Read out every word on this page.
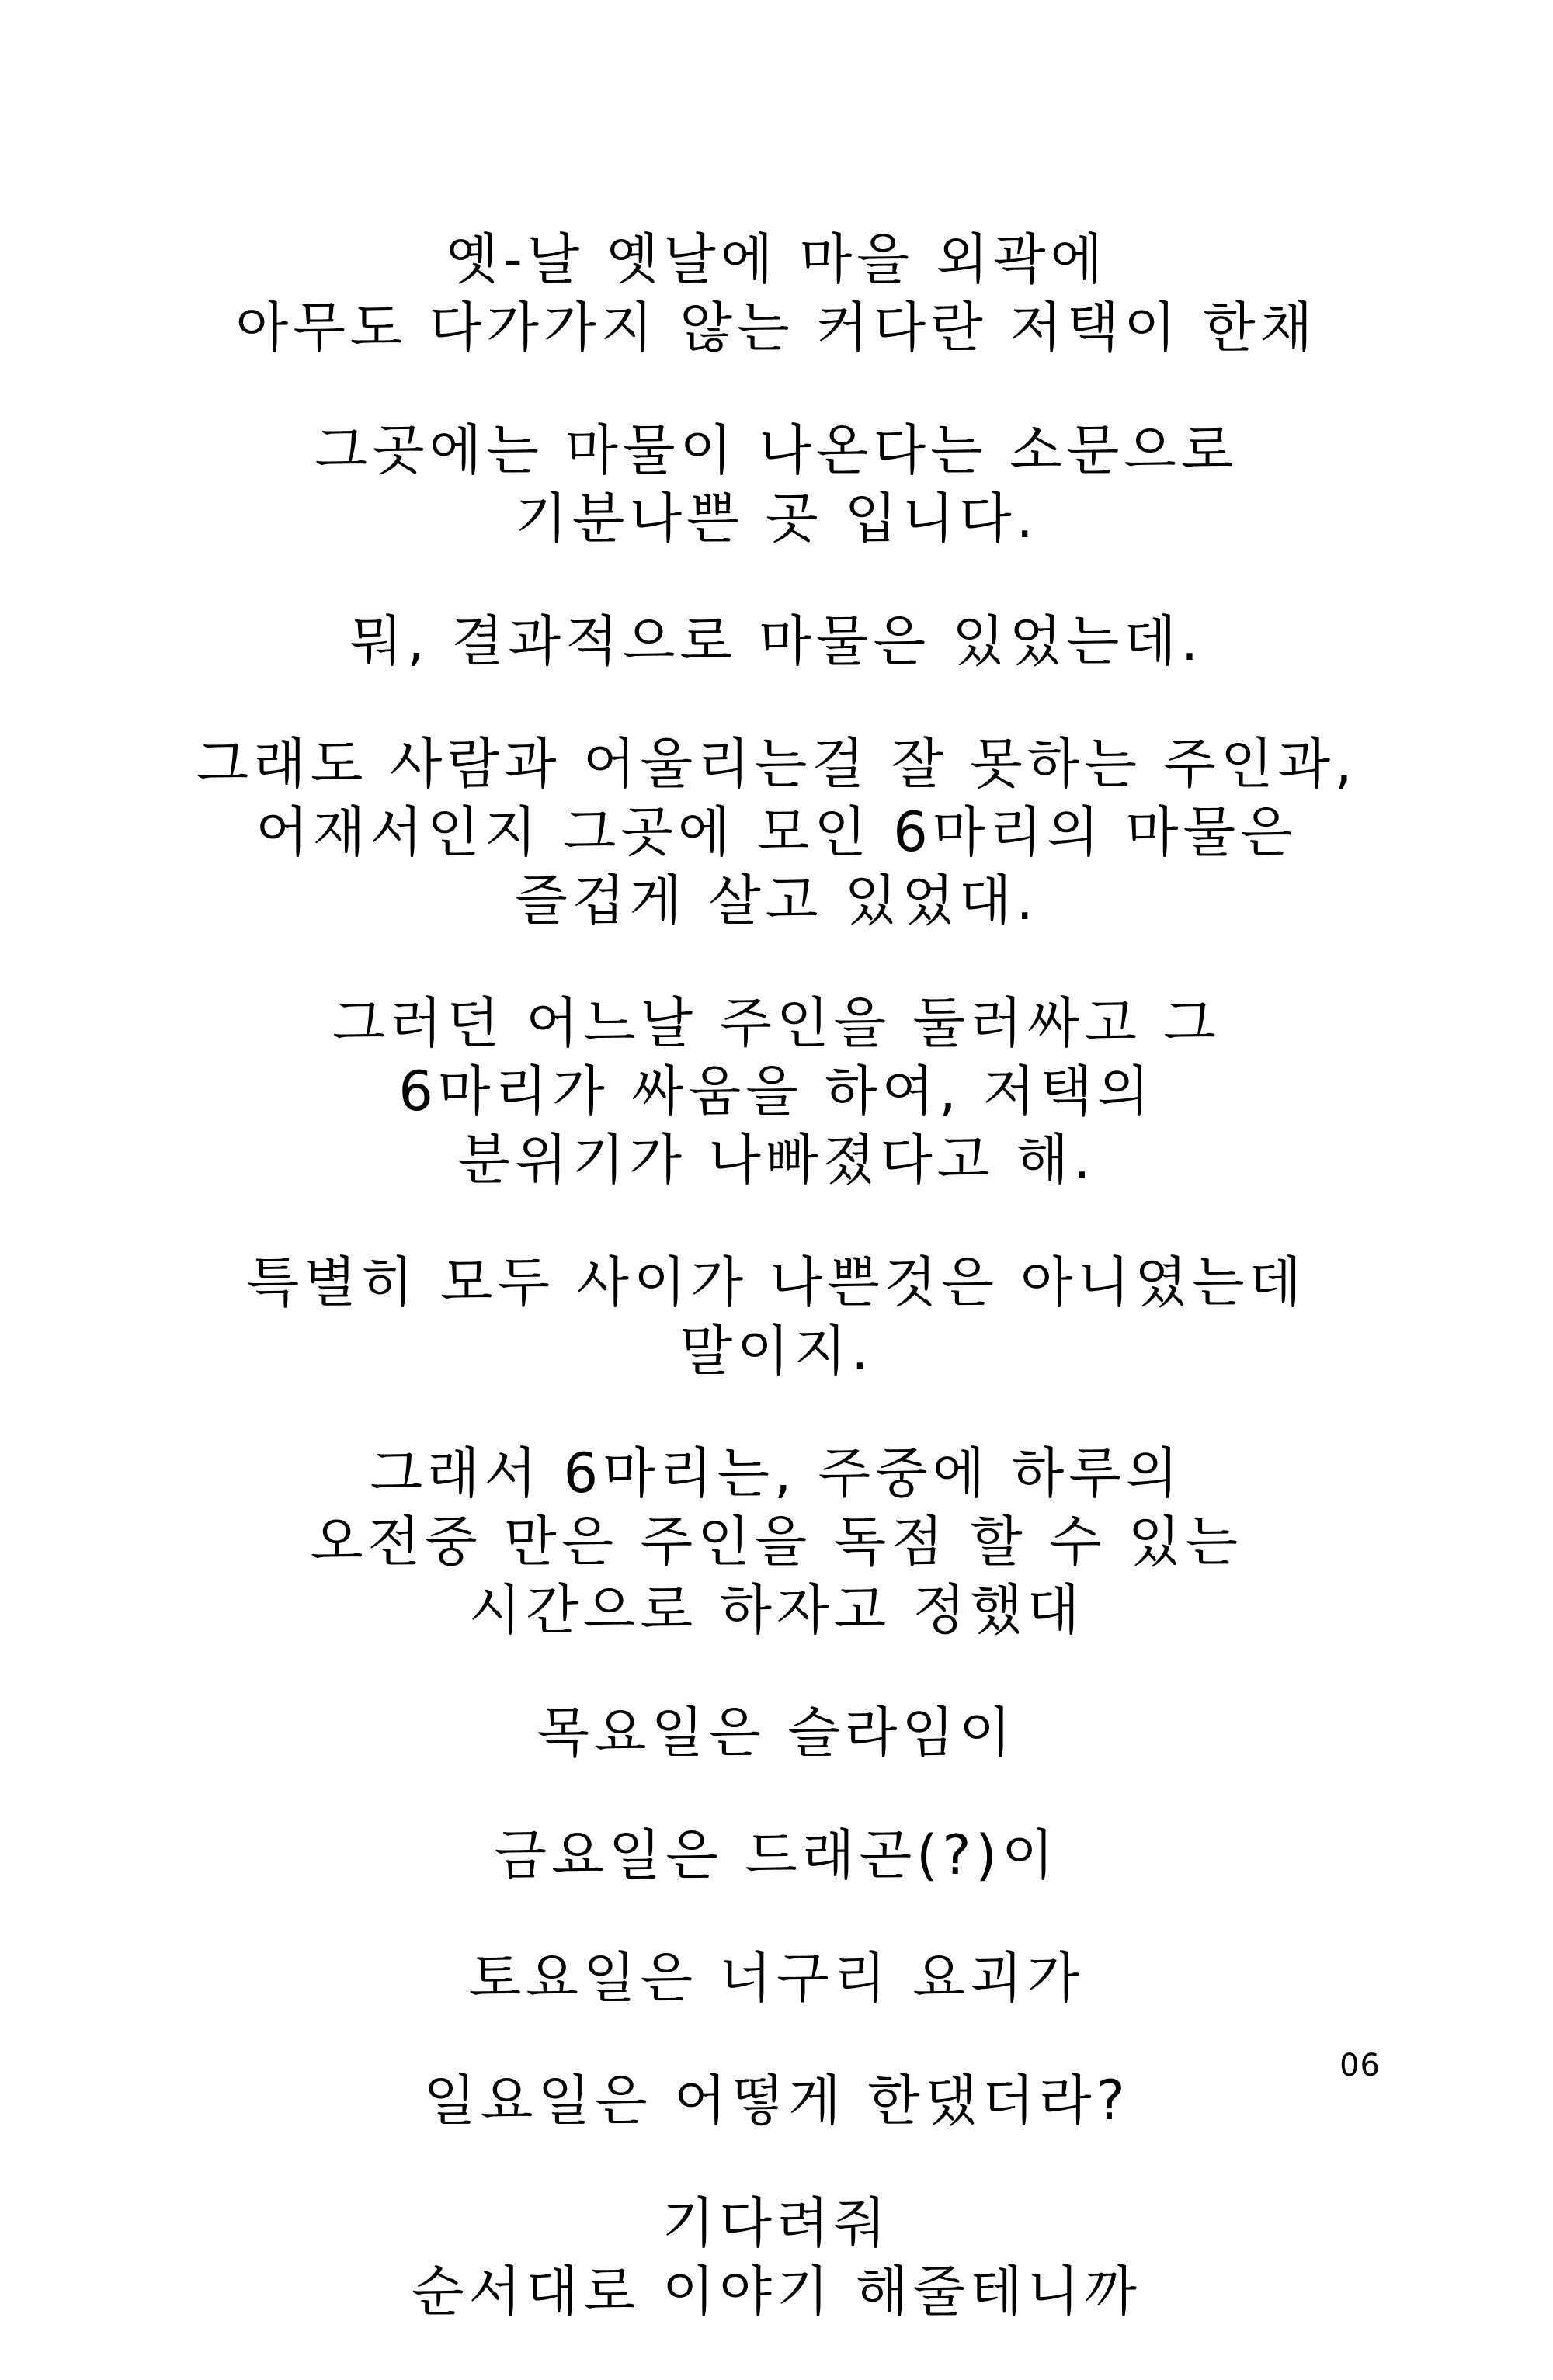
옛-날 옛날에 마을 외곽에
아무도 다가가지 않는 커다란 저택이 한채

그곳에는 마물이 나온다는 소문으로
기분나쁜 곳 입니다.

뭐, 결과적으로 마물은 있었는데.

그래도 사람과 어울리는걸 잘 못하는 주인과,
어재서인지 그곳에 모인 6마리의 마물은
즐겁게 살고 있었대.

그러던 어느날 주인을 둘러싸고 그
6마리가 싸움을 하여, 저택의
분위기가 나빠졌다고 해.

특별히 모두 사이가 나쁜것은 아니였는데
말이지.

그래서 6마리는, 주중에 하루의
오전중 만은 주인을 독점 할 수 있는
시간으로 하자고 정했대

목요일은 슬라임이

금요일은 드래곤(?)이

토요일은 너구리 요괴가

일요일은 어떻게 한댔더라?

기다려줘
순서대로 이야기 해줄테니까

06
